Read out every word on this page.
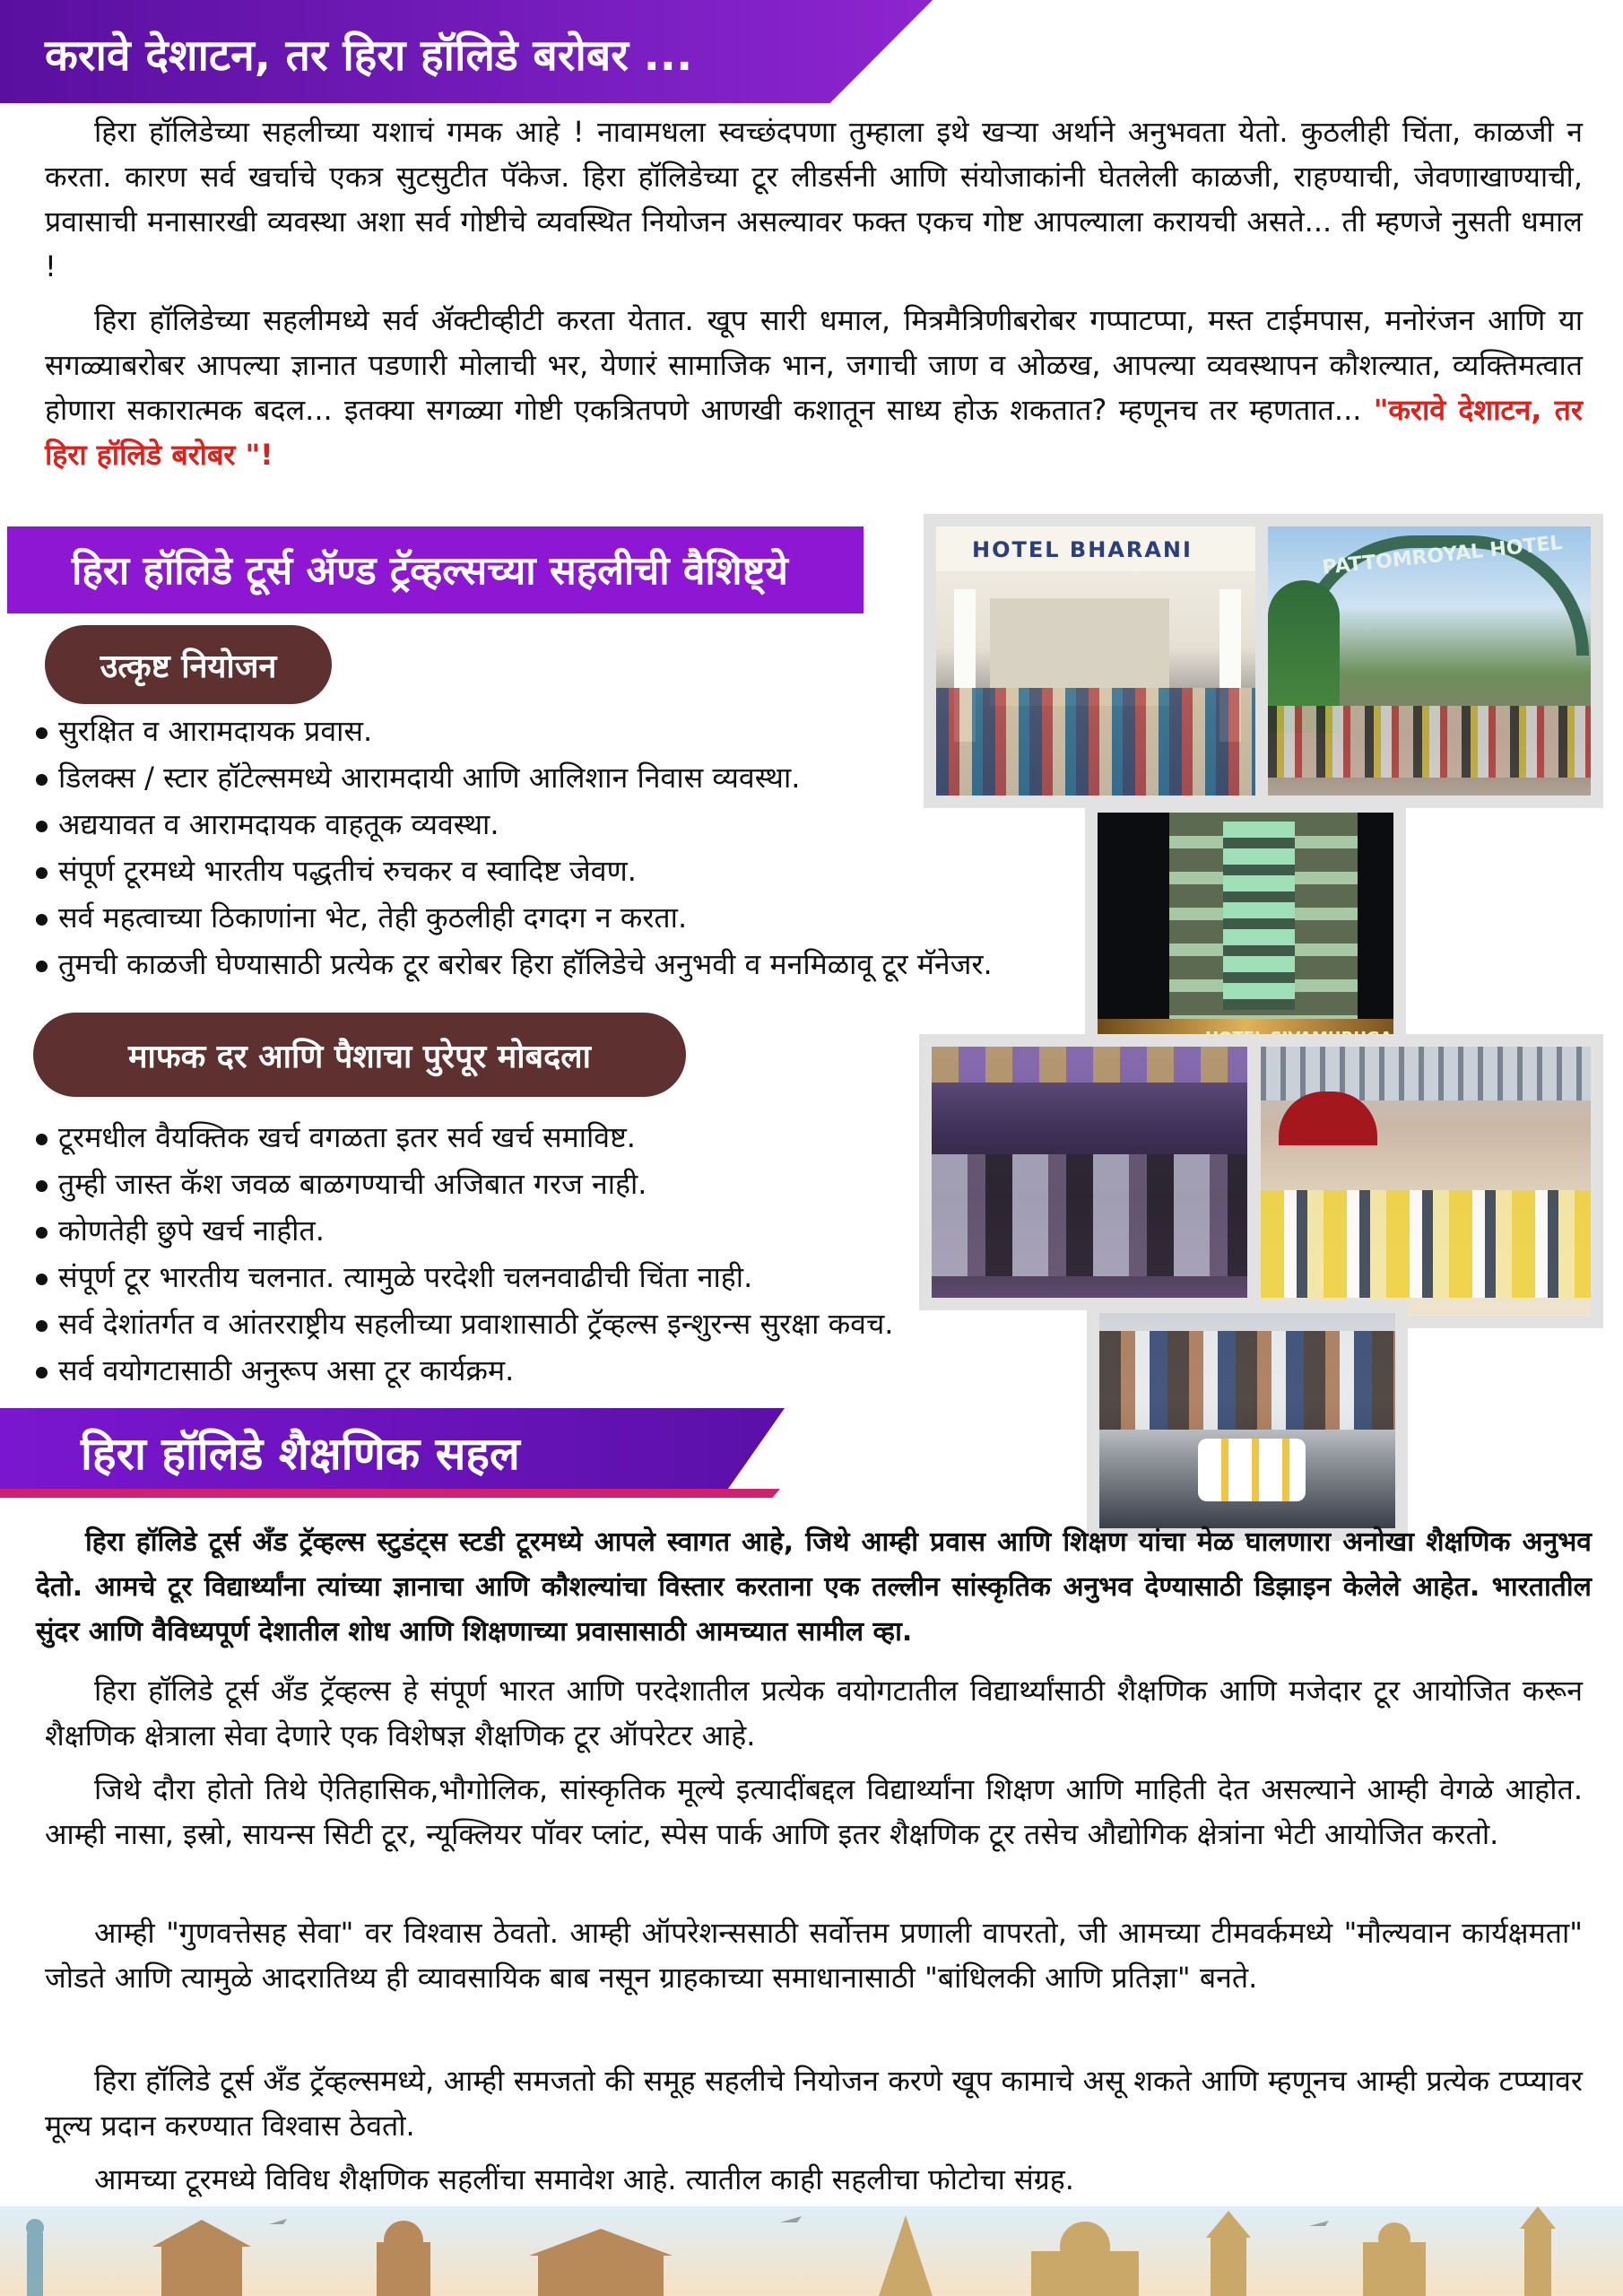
करावे देशाटन, तर हिरा हॉलिडे बरोबर ...

हिरा हॉलिडेच्या सहलीच्या यशाचं गमक आहे ! नावामधला स्वच्छंदपणा तुम्हाला इथे खऱ्या अर्थाने अनुभवता येतो. कुठलीही चिंता, काळजी न करता. कारण सर्व खर्चाचे एकत्र सुटसुटीत पॅकेज. हिरा हॉलिडेच्या टूर लीडर्सनी आणि संयोजाकांनी घेतलेली काळजी, राहण्याची, जेवणाखाण्याची, प्रवासाची मनासारखी व्यवस्था अशा सर्व गोष्टीचे व्यवस्थित नियोजन असल्यावर फक्त एकच गोष्ट आपल्याला करायची असते... ती म्हणजे नुसती धमाल !

हिरा हॉलिडेच्या सहलीमध्ये सर्व ॲक्टीव्हीटी करता येतात. खूप सारी धमाल, मित्रमैत्रिणीबरोबर गप्पाटप्पा, मस्त टाईमपास, मनोरंजन आणि या सगळ्याबरोबर आपल्या ज्ञानात पडणारी मोलाची भर, येणारं सामाजिक भान, जगाची जाण व ओळख, आपल्या व्यवस्थापन कौशल्यात, व्यक्तिमत्वात होणारा सकारात्मक बदल... इतक्या सगळ्या गोष्टी एकत्रितपणे आणखी कशातून साध्य होऊ शकतात? म्हणूनच तर म्हणतात... "करावे देशाटन, तर हिरा हॉलिडे बरोबर "!

हिरा हॉलिडे टूर्स ॲण्ड ट्रॅव्हल्सच्या सहलीची वैशिष्ट्ये
उत्कृष्ट नियोजन
सुरक्षित व आरामदायक प्रवास.
डिलक्स / स्टार हॉटेल्समध्ये आरामदायी आणि आलिशान निवास व्यवस्था.
अद्ययावत व आरामदायक वाहतूक व्यवस्था.
संपूर्ण टूरमध्ये भारतीय पद्धतीचं रुचकर व स्वादिष्ट जेवण.
सर्व महत्वाच्या ठिकाणांना भेट, तेही कुठलीही दगदग न करता.
तुमची काळजी घेण्यासाठी प्रत्येक टूर बरोबर हिरा हॉलिडेचे अनुभवी व मनमिळावू टूर मॅनेजर.
माफक दर आणि पैशाचा पुरेपूर मोबदला
टूरमधील वैयक्तिक खर्च वगळता इतर सर्व खर्च समाविष्ट.
तुम्ही जास्त कॅश जवळ बाळगण्याची अजिबात गरज नाही.
कोणतेही छुपे खर्च नाहीत.
संपूर्ण टूर भारतीय चलनात. त्यामुळे परदेशी चलनवाढीची चिंता नाही.
सर्व देशांतर्गत व आंतरराष्ट्रीय सहलीच्या प्रवाशासाठी ट्रॅव्हल्स इन्शुरन्स सुरक्षा कवच.
सर्व वयोगटासाठी अनुरूप असा टूर कार्यक्रम.
HOTEL BHARANI	PATTOMROYAL HOTEL
हिरा हॉलिडे शैक्षणिक सहल

हिरा हॉलिडे टूर्स अँड ट्रॅव्हल्स स्टुडंट्स स्टडी टूरमध्ये आपले स्वागत आहे, जिथे आम्ही प्रवास आणि शिक्षण यांचा मेळ घालणारा अनोखा शैक्षणिक अनुभव देतो. आमचे टूर विद्यार्थ्यांना त्यांच्या ज्ञानाचा आणि कौशल्यांचा विस्तार करताना एक तल्लीन सांस्कृतिक अनुभव देण्यासाठी डिझाइन केलेले आहेत. भारतातील सुंदर आणि वैविध्यपूर्ण देशातील शोध आणि शिक्षणाच्या प्रवासासाठी आमच्यात सामील व्हा.

हिरा हॉलिडे टूर्स अँड ट्रॅव्हल्स हे संपूर्ण भारत आणि परदेशातील प्रत्येक वयोगटातील विद्यार्थ्यांसाठी शैक्षणिक आणि मजेदार टूर आयोजित करून शैक्षणिक क्षेत्राला सेवा देणारे एक विशेषज्ञ शैक्षणिक टूर ऑपरेटर आहे.

जिथे दौरा होतो तिथे ऐतिहासिक,भौगोलिक, सांस्कृतिक मूल्ये इत्यादींबद्दल विद्यार्थ्यांना शिक्षण आणि माहिती देत असल्याने आम्ही वेगळे आहोत. आम्ही नासा, इस्रो, सायन्स सिटी टूर, न्यूक्लियर पॉवर प्लांट, स्पेस पार्क आणि इतर शैक्षणिक टूर तसेच औद्योगिक क्षेत्रांना भेटी आयोजित करतो.

आम्ही "गुणवत्तेसह सेवा" वर विश्वास ठेवतो. आम्ही ऑपरेशन्ससाठी सर्वोत्तम प्रणाली वापरतो, जी आमच्या टीमवर्कमध्ये "मौल्यवान कार्यक्षमता" जोडते आणि त्यामुळे आदरातिथ्य ही व्यावसायिक बाब नसून ग्राहकाच्या समाधानासाठी "बांधिलकी आणि प्रतिज्ञा" बनते.

हिरा हॉलिडे टूर्स अँड ट्रॅव्हल्समध्ये, आम्ही समजतो की समूह सहलीचे नियोजन करणे खूप कामाचे असू शकते आणि म्हणूनच आम्ही प्रत्येक टप्प्यावर मूल्य प्रदान करण्यात विश्वास ठेवतो.

आमच्या टूरमध्ये विविध शैक्षणिक सहलींचा समावेश आहे. त्यातील काही सहलीचा फोटोचा संग्रह.
